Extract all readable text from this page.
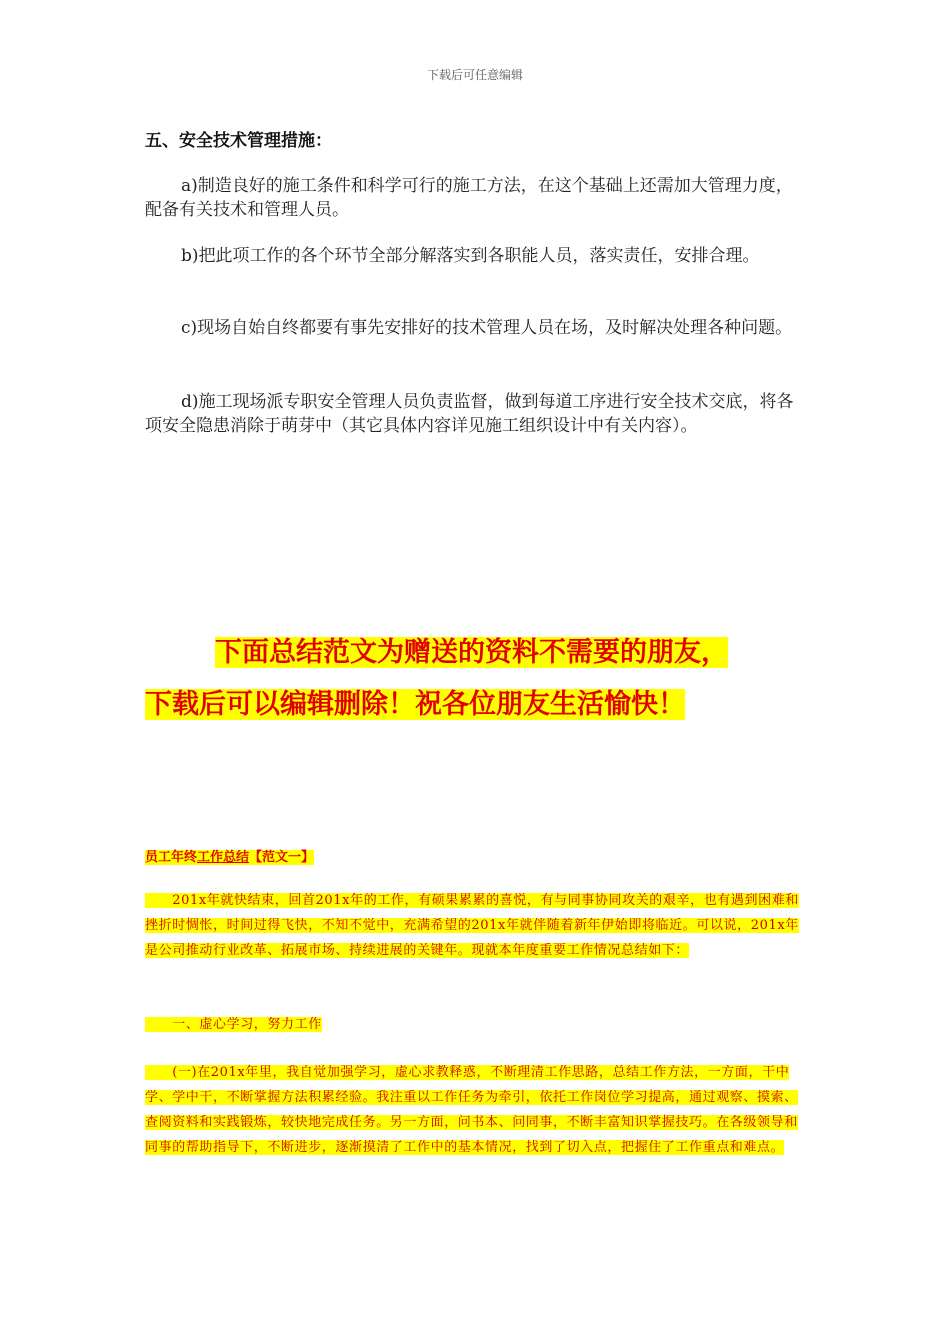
下载后可任意编辑
五、安全技术管理措施：
a)制造良好的施工条件和科学可行的施工方法，在这个基础上还需加大管理力度，配备有关技术和管理人员。
b)把此项工作的各个环节全部分解落实到各职能人员，落实责任，安排合理。
c)现场自始自终都要有事先安排好的技术管理人员在场，及时解决处理各种问题。
d)施工现场派专职安全管理人员负责监督，做到每道工序进行安全技术交底，将各项安全隐患消除于萌芽中（其它具体内容详见施工组织设计中有关内容）。
下面总结范文为赠送的资料不需要的朋友，
下载后可以编辑删除！祝各位朋友生活愉快！
员工年终工作总结【范文一】
　　201x年就快结束，回首201x年的工作，有硕果累累的喜悦，有与同事协同攻关的艰辛，也有遇到困难和挫折时惆怅，时间过得飞快，不知不觉中，充满希望的201x年就伴随着新年伊始即将临近。可以说，201x年是公司推动行业改革、拓展市场、持续进展的关键年。现就本年度重要工作情况总结如下：
　　一、虚心学习，努力工作
　　(一)在201x年里，我自觉加强学习，虚心求教释惑，不断理清工作思路，总结工作方法，一方面，干中学、学中干，不断掌握方法积累经验。我注重以工作任务为牵引，依托工作岗位学习提高，通过观察、摸索、查阅资料和实践锻炼，较快地完成任务。另一方面，问书本、问同事，不断丰富知识掌握技巧。在各级领导和同事的帮助指导下，不断进步，逐渐摸清了工作中的基本情况，找到了切入点，把握住了工作重点和难点。
